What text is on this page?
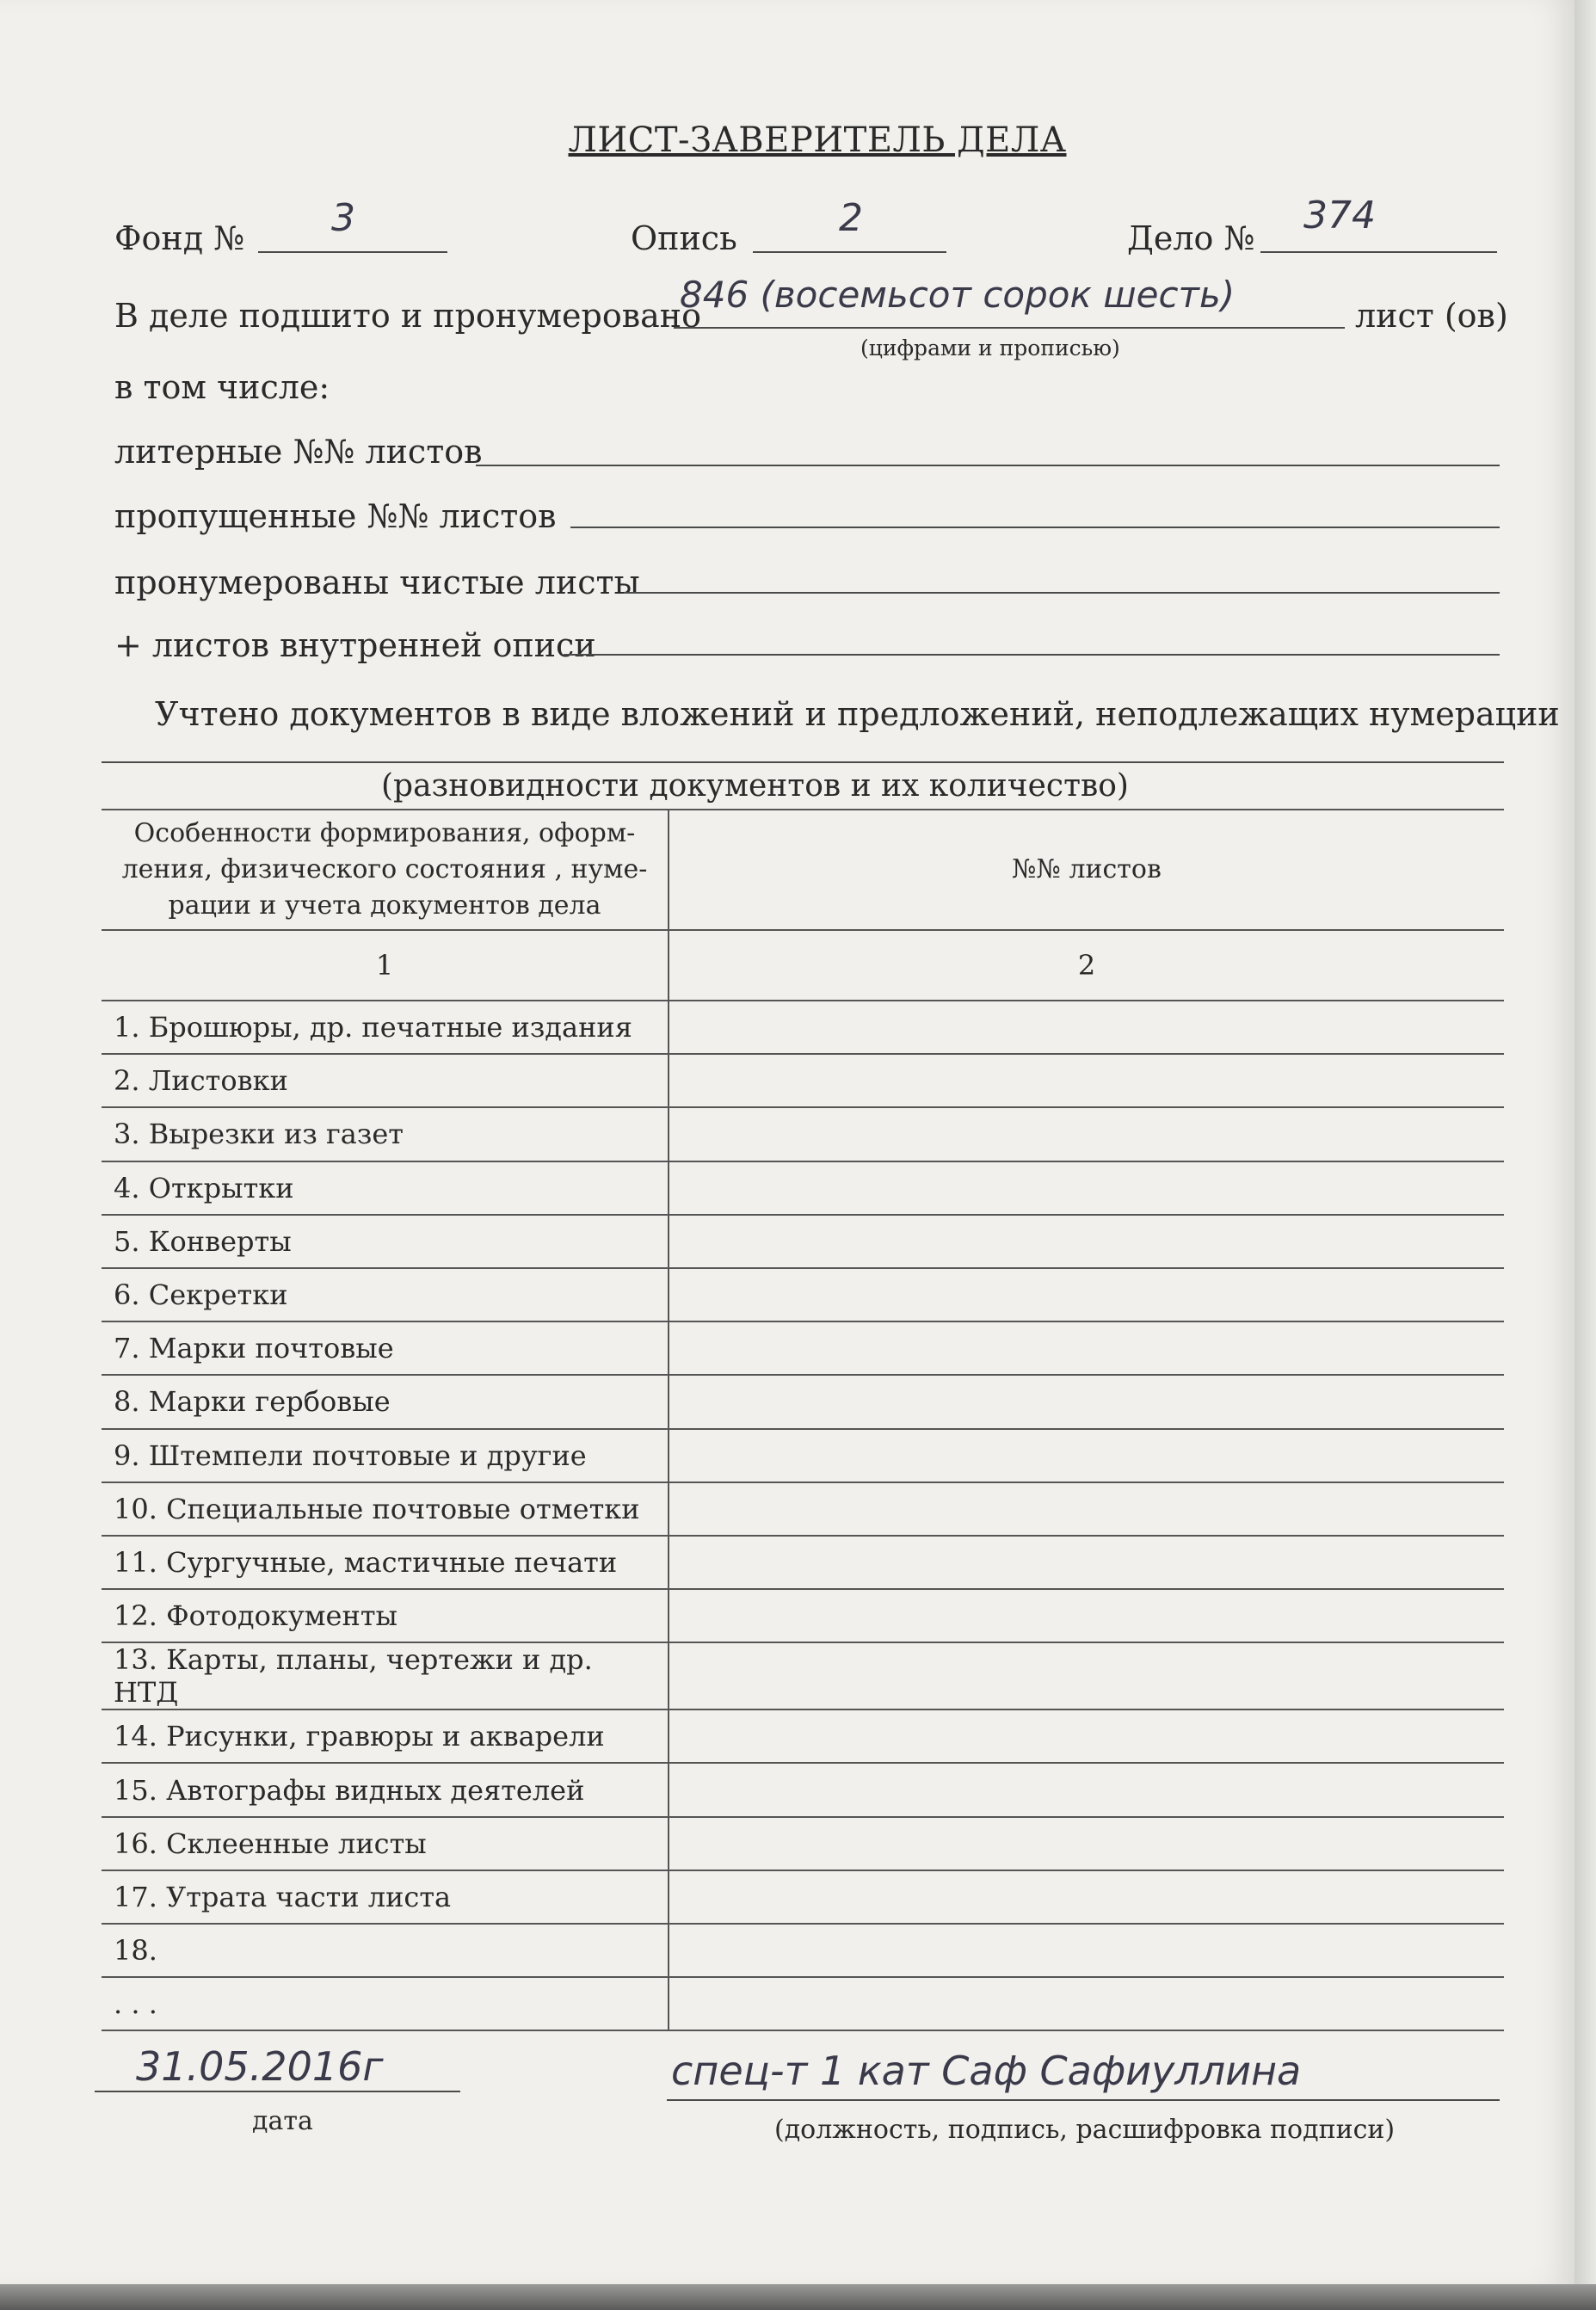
ЛИСТ-ЗАВЕРИТЕЛЬ ДЕЛА
Фонд № 3	Опись	2	Дело №
374
В деле подшито и пронумеровано
846 (восемьсот сорок шесть)	лист (ов)
(цифрами и прописью)
в том числе:
литерные №№ листов
пропущенные №№ листов
пронумерованы чистые листы
+ листов внутренней описи
Учтено документов в виде вложений и предложений, неподлежащих нумерации
(разновидности документов и их количество)
Особенности формирования, оформ-ления, физического состояния , нуме-рации и учета документов дела	№№ листов
1	2
1. Брошюры, др. печатные издания	
2. Листовки	
3. Вырезки из газет	
4. Открытки	
5. Конверты	
6. Секретки	
7. Марки почтовые	
8. Марки гербовые	
9. Штемпели почтовые и другие	
10. Специальные почтовые отметки	
11. Сургучные, мастичные печати	
12. Фотодокументы	
13. Карты, планы, чертежи и др. НТД	
14. Рисунки, гравюры и акварели	
15. Автографы видных деятелей	
16. Склеенные листы	
17. Утрата части листа	
18.	
. . .	
31.05.2016г
дата
спец-т 1 кат Саф Сафиуллина
(должность, подпись, расшифровка подписи)
